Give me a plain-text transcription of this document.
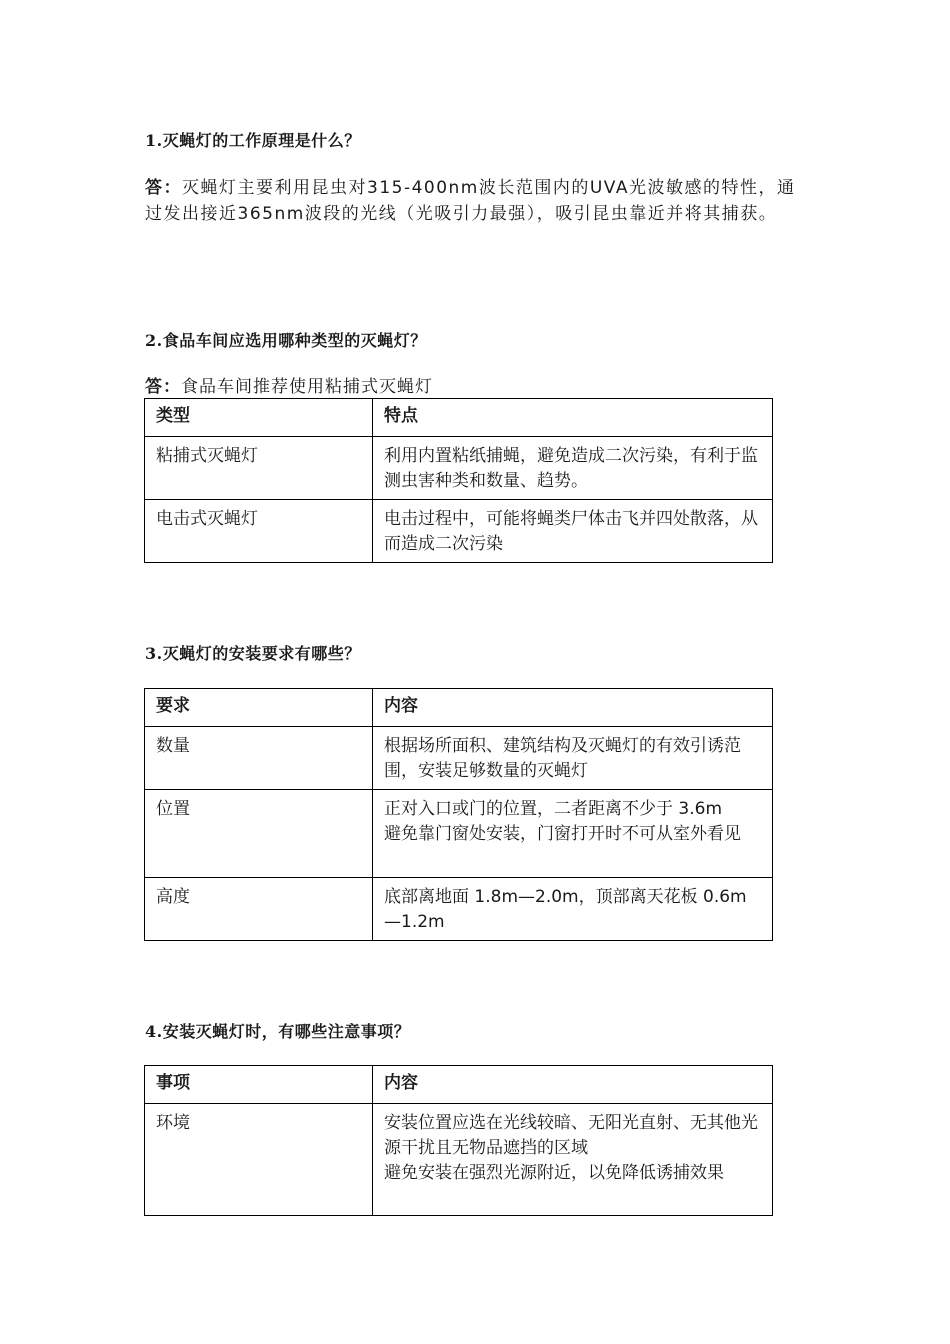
1.灭蝇灯的工作原理是什么？

答：灭蝇灯主要利用昆虫对315-400nm波长范围内的UVA光波敏感的特性，通过发出接近365nm波段的光线（光吸引力最强），吸引昆虫靠近并将其捕获。

2.食品车间应选用哪种类型的灭蝇灯？

答：食品车间推荐使用粘捕式灭蝇灯

类型	特点
粘捕式灭蝇灯	利用内置粘纸捕蝇，避免造成二次污染，有利于监测虫害种类和数量、趋势。
电击式灭蝇灯	电击过程中，可能将蝇类尸体击飞并四处散落，从而造成二次污染

3.灭蝇灯的安装要求有哪些？

要求	内容
数量	根据场所面积、建筑结构及灭蝇灯的有效引诱范围，安装足够数量的灭蝇灯
位置	正对入口或门的位置，二者距离不少于 3.6m
避免靠门窗处安装，门窗打开时不可从室外看见

高度	底部离地面 1.8m—2.0m，顶部离天花板 0.6m—1.2m

4.安装灭蝇灯时，有哪些注意事项？

事项	内容
环境	安装位置应选在光线较暗、无阳光直射、无其他光源干扰且无物品遮挡的区域
避免安装在强烈光源附近，以免降低诱捕效果
